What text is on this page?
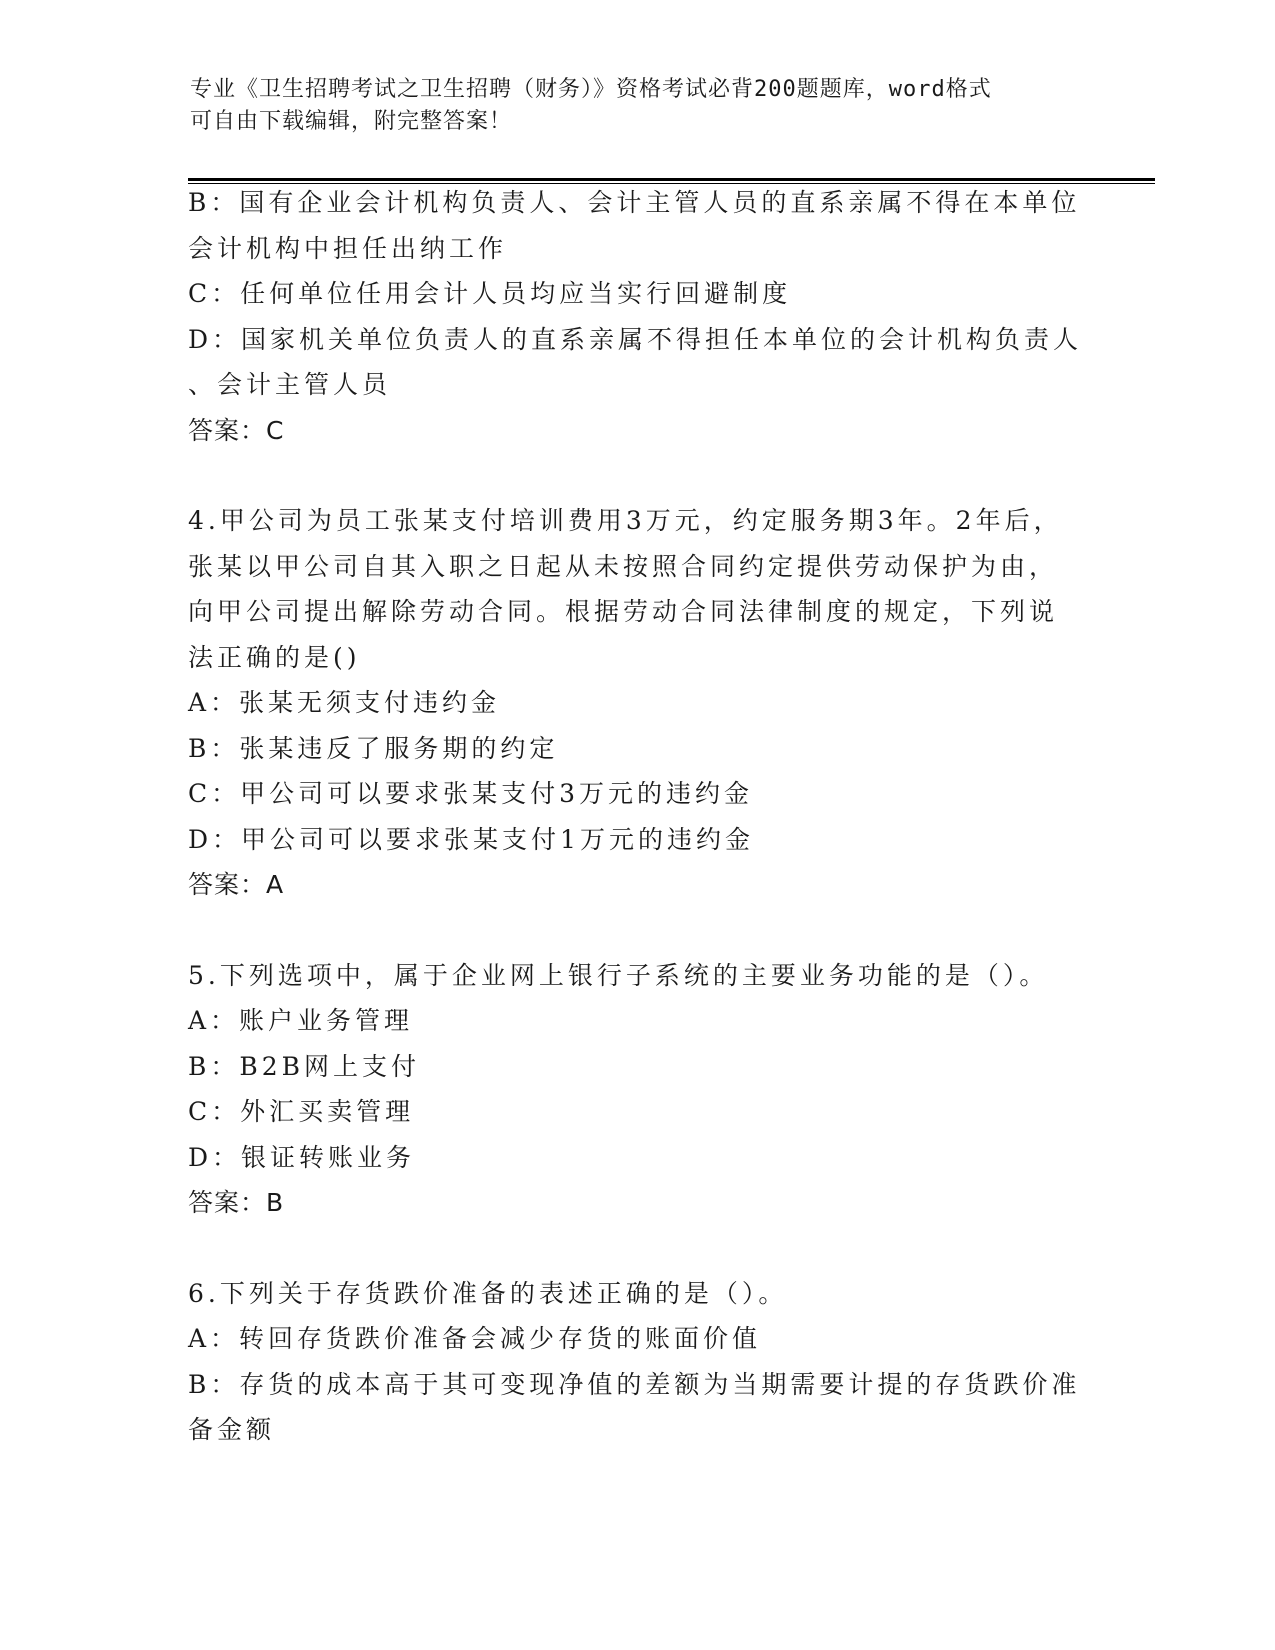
专业《卫生招聘考试之卫生招聘（财务）》资格考试必背200题题库，word格式
可自由下载编辑，附完整答案！
B：国有企业会计机构负责人、会计主管人员的直系亲属不得在本单位
会计机构中担任出纳工作
C：任何单位任用会计人员均应当实行回避制度
D：国家机关单位负责人的直系亲属不得担任本单位的会计机构负责人
、会计主管人员
答案：C
4.甲公司为员工张某支付培训费用3万元，约定服务期3年。2年后，
张某以甲公司自其入职之日起从未按照合同约定提供劳动保护为由，
向甲公司提出解除劳动合同。根据劳动合同法律制度的规定，下列说
法正确的是()
A：张某无须支付违约金
B：张某违反了服务期的约定
C：甲公司可以要求张某支付3万元的违约金
D：甲公司可以要求张某支付1万元的违约金
答案：A
5.下列选项中，属于企业网上银行子系统的主要业务功能的是（）。
A：账户业务管理
B：B2B网上支付
C：外汇买卖管理
D：银证转账业务
答案：B
6.下列关于存货跌价准备的表述正确的是（）。
A：转回存货跌价准备会减少存货的账面价值
B：存货的成本高于其可变现净值的差额为当期需要计提的存货跌价准
备金额
